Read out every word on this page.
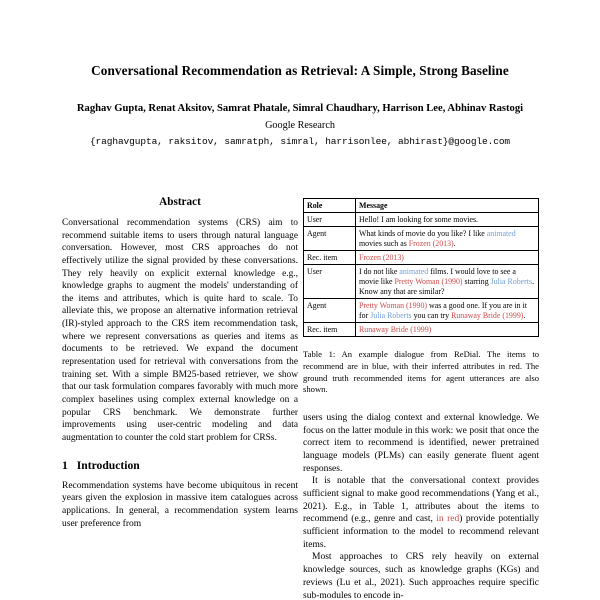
Conversational Recommendation as Retrieval: A Simple, Strong Baseline
Raghav Gupta, Renat Aksitov, Samrat Phatale, Simral Chaudhary, Harrison Lee, Abhinav Rastogi
Google Research
{raghavgupta, raksitov, samratph, simral, harrisonlee, abhirast}@google.com
Abstract

Conversational recommendation systems (CRS) aim to recommend suitable items to users through natural language conversation. However, most CRS approaches do not effectively utilize the signal provided by these conversations. They rely heavily on explicit external knowledge e.g., knowledge graphs to augment the models' understanding of the items and attributes, which is quite hard to scale. To alleviate this, we propose an alternative information retrieval (IR)-styled approach to the CRS item recommendation task, where we represent conversations as queries and items as documents to be retrieved. We expand the document representation used for retrieval with conversations from the training set. With a simple BM25-based retriever, we show that our task formulation compares favorably with much more complex baselines using complex external knowledge on a popular CRS benchmark. We demonstrate further improvements using user-centric modeling and data augmentation to counter the cold start problem for CRSs.

1 Introduction

Recommendation systems have become ubiquitous in recent years given the explosion in massive item catalogues across applications. In general, a recommendation system learns user preference from

Role	Message
User	Hello! I am looking for some movies.
Agent	What kinds of movie do you like? I like animated movies such as Frozen (2013).
Rec. item	Frozen (2013)
User	I do not like animated films. I would love to see a movie like Pretty Woman (1990) starring Julia Roberts. Know any that are similar?
Agent	Pretty Woman (1990) was a good one. If you are in it for Julia Roberts you can try Runaway Bride (1999).
Rec. item	Runaway Bride (1999)

Table 1: An example dialogue from ReDial. The items to recommend are in blue, with their inferred attributes in red. The ground truth recommended items for agent utterances are also shown.

users using the dialog context and external knowledge. We focus on the latter module in this work: we posit that once the correct item to recommend is identified, newer pretrained language models (PLMs) can easily generate fluent agent responses.

It is notable that the conversational context provides sufficient signal to make good recommendations (Yang et al., 2021). E.g., in Table 1, attributes about the items to recommend (e.g., genre and cast, in red) provide potentially sufficient information to the model to recommend relevant items.

Most approaches to CRS rely heavily on external knowledge sources, such as knowledge graphs (KGs) and reviews (Lu et al., 2021). Such approaches require specific sub-modules to encode in-
